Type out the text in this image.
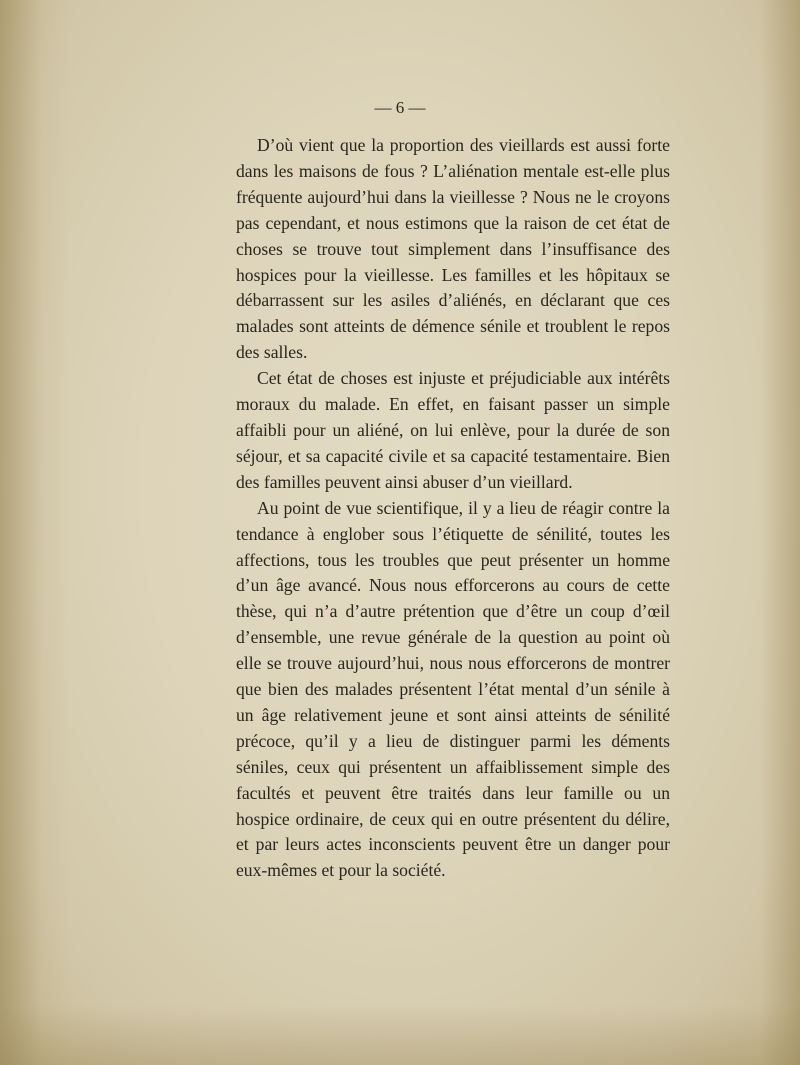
— 6 —

D’où vient que la proportion des vieillards est aussi forte dans les maisons de fous ? L’aliénation mentale est-elle plus fréquente aujourd’hui dans la vieillesse ? Nous ne le croyons pas cependant, et nous estimons que la raison de cet état de choses se trouve tout simplement dans l’insuffisance des hospices pour la vieillesse. Les familles et les hôpitaux se débarrassent sur les asiles d’aliénés, en déclarant que ces malades sont atteints de démence sénile et troublent le repos des salles.

Cet état de choses est injuste et préjudiciable aux intérêts moraux du malade. En effet, en faisant passer un simple affaibli pour un aliéné, on lui enlève, pour la durée de son séjour, et sa capacité civile et sa capacité testamentaire. Bien des familles peuvent ainsi abuser d’un vieillard.

Au point de vue scientifique, il y a lieu de réagir contre la tendance à englober sous l’étiquette de sénilité, toutes les affections, tous les troubles que peut présenter un homme d’un âge avancé. Nous nous efforcerons au cours de cette thèse, qui n’a d’autre prétention que d’être un coup d’œil d’ensemble, une revue générale de la question au point où elle se trouve aujourd’hui, nous nous efforcerons de montrer que bien des malades présentent l’état mental d’un sénile à un âge relativement jeune et sont ainsi atteints de sénilité précoce, qu’il y a lieu de distinguer parmi les déments séniles, ceux qui présentent un affaiblissement simple des facultés et peuvent être traités dans leur famille ou un hospice ordinaire, de ceux qui en outre présentent du délire, et par leurs actes inconscients peuvent être un danger pour eux-mêmes et pour la société.
